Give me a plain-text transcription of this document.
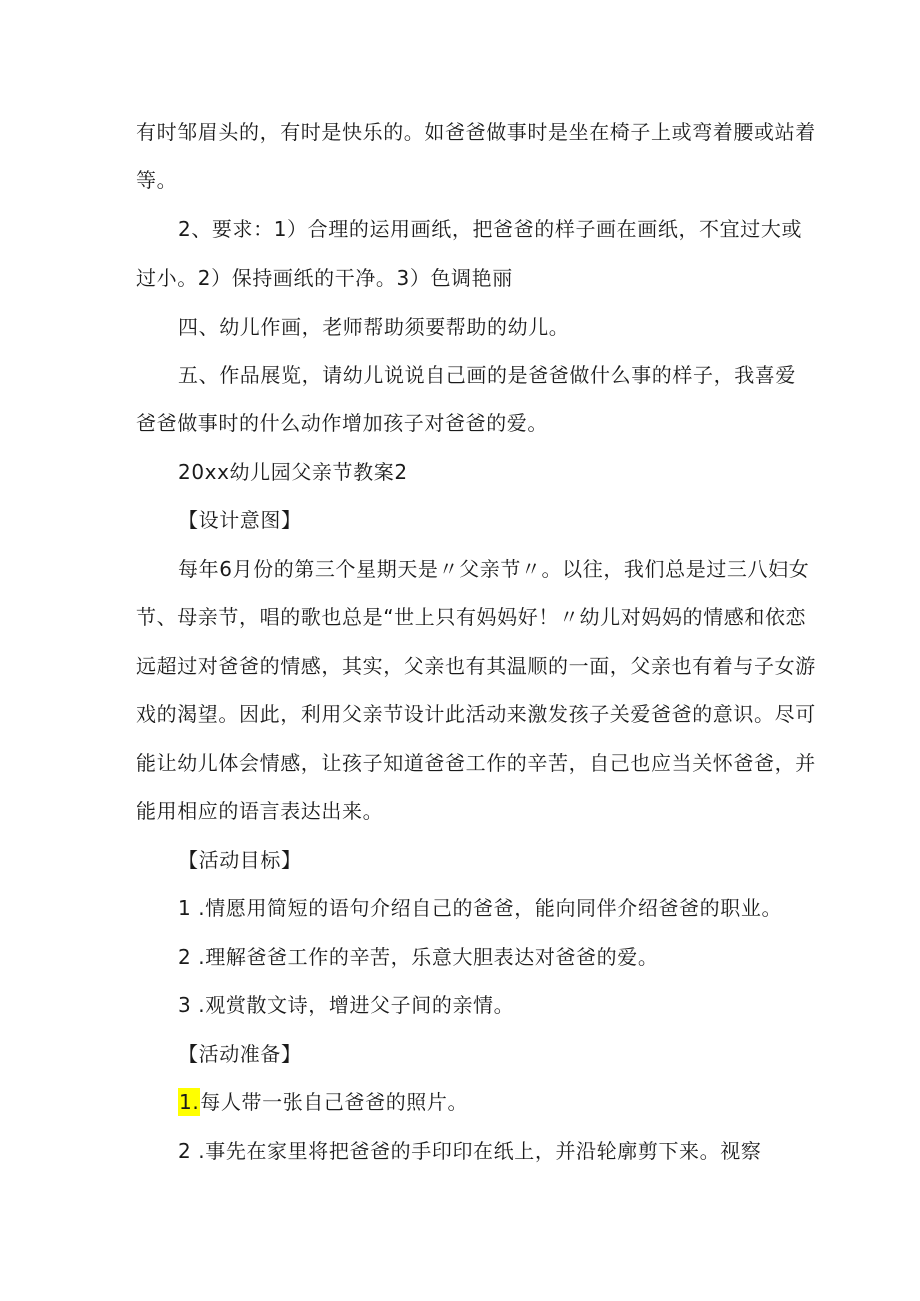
有时邹眉头的，有时是快乐的。如爸爸做事时是坐在椅子上或弯着腰或站着
等。
2、要求：1）合理的运用画纸，把爸爸的样子画在画纸，不宜过大或
过小。2）保持画纸的干净。3）色调艳丽
四、幼儿作画，老师帮助须要帮助的幼儿。
五、作品展览，请幼儿说说自己画的是爸爸做什么事的样子，我喜爱
爸爸做事时的什么动作增加孩子对爸爸的爱。
20xx幼儿园父亲节教案2
【设计意图】
每年6月份的第三个星期天是〃父亲节〃。以往，我们总是过三八妇女
节、母亲节，唱的歌也总是“世上只有妈妈好！〃幼儿对妈妈的情感和依恋
远超过对爸爸的情感，其实，父亲也有其温顺的一面，父亲也有着与子女游
戏的渴望。因此，利用父亲节设计此活动来激发孩子关爱爸爸的意识。尽可
能让幼儿体会情感，让孩子知道爸爸工作的辛苦，自己也应当关怀爸爸，并
能用相应的语言表达出来。
【活动目标】
1 .情愿用简短的语句介绍自己的爸爸，能向同伴介绍爸爸的职业。
2 .理解爸爸工作的辛苦，乐意大胆表达对爸爸的爱。
3 .观赏散文诗，增进父子间的亲情。
【活动准备】
1.每人带一张自己爸爸的照片。
2 .事先在家里将把爸爸的手印印在纸上，并沿轮廓剪下来。视察
